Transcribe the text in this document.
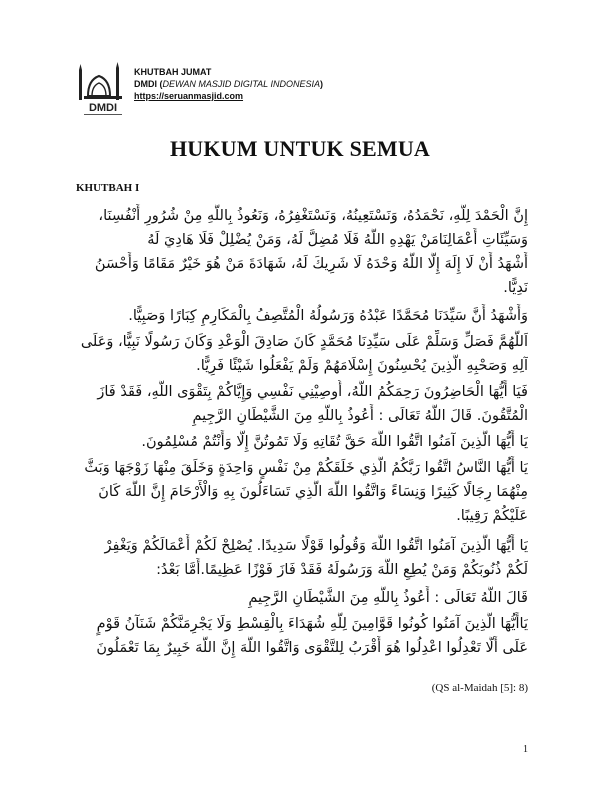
DMDI
KHUTBAH JUMAT
DMDI (DEWAN MASJID DIGITAL INDONESIA)
https://seruanmasjid.com
HUKUM UNTUK SEMUA
KHUTBAH I
إِنَّ الْحَمْدَ لِلَّهِ، نَحْمَدُهُ، وَنَسْتَعِينُهُ، وَنَسْتَغْفِرُهُ، وَنَعُوذُ بِاللَّهِ مِنْ شُرُورِ أَنْفُسِنَا،
وَسَيِّئَاتِ أَعْمَالِنَامَنْ يَهْدِهِ اللَّهُ فَلَا مُضِلَّ لَهُ، وَمَنْ يُضْلِلْ فَلَا هَادِيَ لَهُ
أَشْهَدُ أَنْ لَا إِلَهَ إِلَّا اللَّهُ وَحْدَهُ لَا شَرِيكَ لَهُ، شَهَادَةَ مَنْ هُوَ خَيْرٌ مَقَامًا وَأَحْسَنُ
نَدِيًّا.
وَأَشْهَدُ أَنَّ سَيِّدَنَا مُحَمَّدًا عَبْدُهُ وَرَسُولُهُ الْمُتَّصِفُ بِالْمَكَارِمِ كِبَارًا وَصَبِيًّا.
اَللَّهُمَّ فَصَلِّ وَسَلِّمْ عَلَى سَيِّدِنَا مُحَمَّدٍ كَانَ صَادِقَ الْوَعْدِ وَكَانَ رَسُولًا نَبِيًّا، وَعَلَى
آلِهِ وَصَحْبِهِ الَّذِينَ يُحْسِنُونَ إِسْلَامَهُمْ وَلَمْ يَفْعَلُوا شَيْئًا فَرِيًّا.
فَيَا أَيُّهَا الْحَاضِرُونَ رَحِمَكُمُ اللَّهُ، أُوصِيْنِي نَفْسِي وَإِيَّاكُمْ بِتَقْوَى اللَّهِ، فَقَدْ فَازَ
الْمُتَّقُونَ. قَالَ اللَّهُ تَعَالَى : أَعُوذُ بِاللَّهِ مِنَ الشَّيْطَانِ الرَّجِيمِ
يَا أَيُّهَا الَّذِينَ آمَنُوا اتَّقُوا اللَّهَ حَقَّ تُقَاتِهِ وَلَا تَمُوتُنَّ إِلَّا وَأَنْتُمْ مُسْلِمُونَ.
يَا أَيُّهَا النَّاسُ اتَّقُوا رَبَّكُمُ الَّذِي خَلَقَكُمْ مِنْ نَفْسٍ وَاحِدَةٍ وَخَلَقَ مِنْهَا زَوْجَهَا وَبَثَّ
مِنْهُمَا رِجَالًا كَثِيرًا وَنِسَاءً وَاتَّقُوا اللَّهَ الَّذِي تَسَاءَلُونَ بِهِ وَالْأَرْحَامَ إِنَّ اللَّهَ كَانَ
عَلَيْكُمْ رَقِيبًا.
يَا أَيُّهَا الَّذِينَ آمَنُوا اتَّقُوا اللَّهَ وَقُولُوا قَوْلًا سَدِيدًا. يُصْلِحْ لَكُمْ أَعْمَالَكُمْ وَيَغْفِرْ
لَكُمْ ذُنُوبَكُمْ وَمَنْ يُطِعِ اللَّهَ وَرَسُولَهُ فَقَدْ فَازَ فَوْزًا عَظِيمًا.أَمَّا بَعْدُ:
قَالَ اللَّهُ تَعَالَى : أَعُوذُ بِاللَّهِ مِنَ الشَّيْطَانِ الرَّجِيمِ
يَاأَيُّهَا الَّذِينَ آمَنُوا كُونُوا قَوَّامِينَ لِلَّهِ شُهَدَاءَ بِالْقِسْطِ وَلَا يَجْرِمَنَّكُمْ شَنَآنُ قَوْمٍ
عَلَى أَلَّا تَعْدِلُوا اعْدِلُوا هُوَ أَقْرَبُ لِلتَّقْوَى وَاتَّقُوا اللَّهَ إِنَّ اللَّهَ خَبِيرٌ بِمَا تَعْمَلُونَ
(QS al-Maidah [5]: 8)
1
